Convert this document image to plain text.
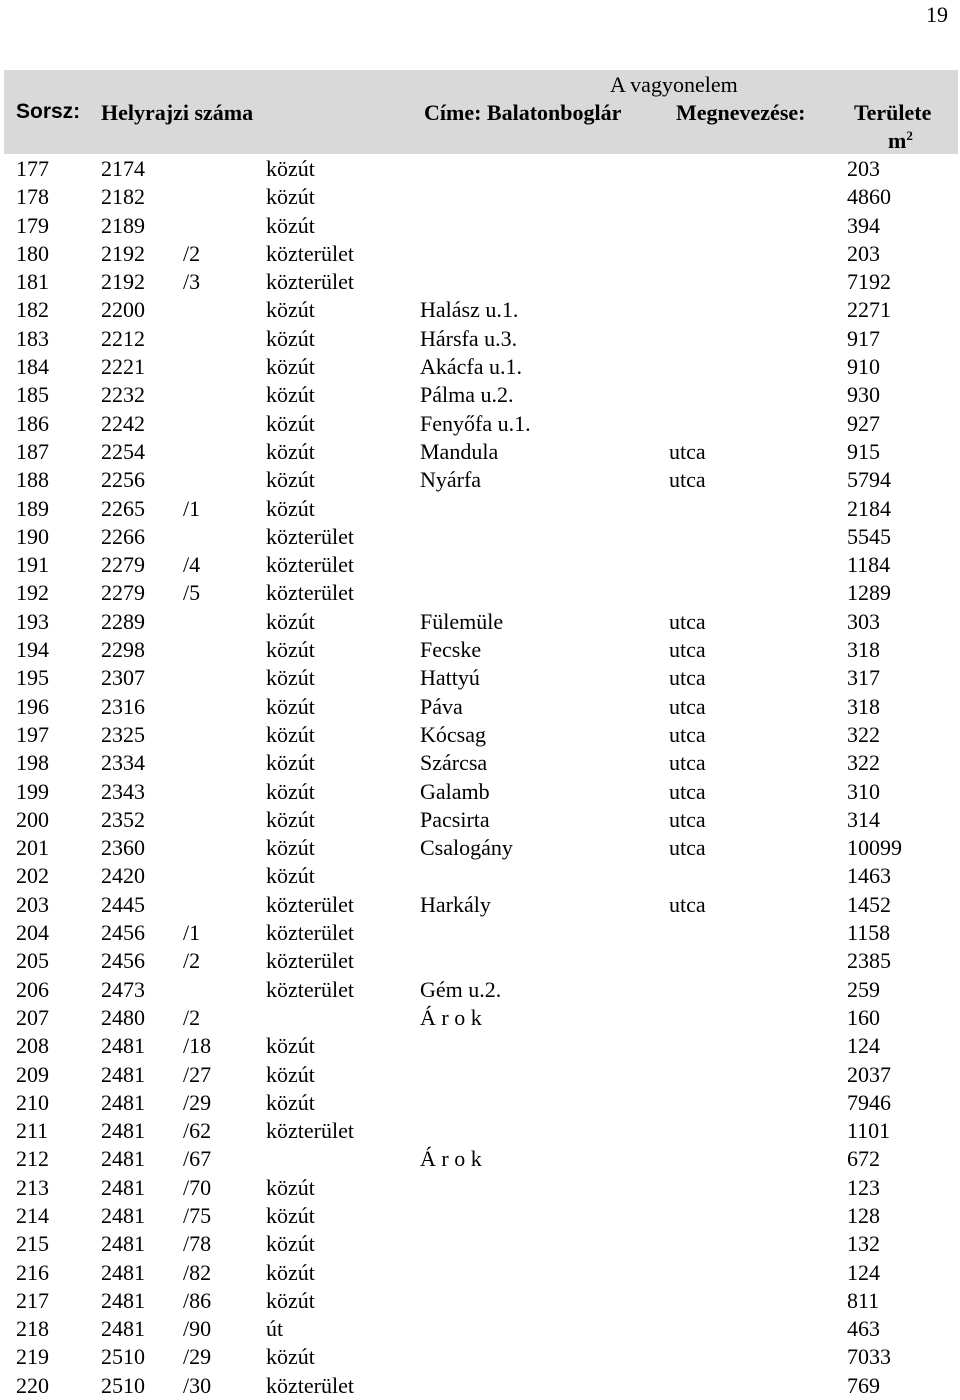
19
Sorsz: Helyrajzi száma
A vagyonelem
Címe: Balatonboglár Megnevezése: Területe
$m^2$
177 2174	közút	203
178 2182	közút	4860
179 2189	közút	394
180 2192 /2	közterület	203
181 2192 /3	közterület	7192
182 2200	közút	Halász u.1.	2271
183 2212	közút	Hársfa u.3.	917
184 2221	közút	Akácfa u.1.	910
185 2232	közút	Pálma u.2.	930
186 2242	közút	Fenyőfa u.1.	927
187 2254	közút	Mandula	utca	915
188 2256	közút	Nyárfa	utca	5794
189 2265 /1	közút	2184
190 2266	közterület	5545
191 2279 /4	közterület	1184
192 2279 /5	közterület	1289
193 2289	közút	Fülemüle	utca	303
194 2298	közút	Fecske	utca	318
195 2307	közút	Hattyú	utca	317
196 2316	közút	Páva	utca	318
197 2325	közút	Kócsag	utca	322
198 2334	közút	Szárcsa	utca	322
199 2343	közút	Galamb	utca	310
200 2352	közút	Pacsirta	utca	314
201 2360	közút	Csalogány	utca	10099
202 2420	közút	1463
203 2445	közterület	Harkály	utca	1452
204 2456 /1	közterület	1158
205 2456 /2	közterület	2385
206 2473	közterület	Gém u.2.	259
207 2480 /2	Á r o k	160
208 2481 /18 közút	124
209 2481 /27 közút	2037
210 2481 /29 közút	7946
211 2481 /62 közterület	1101
212 2481 /67	Á r o k	672
213 2481 /70 közút	123
214 2481 /75 közút	128
215 2481 /78 közút	132
216 2481 /82 közút	124
217 2481 /86 közút	811
218 2481 /90 út	463
219 2510 /29 közút	7033
220 2510 /30 közterület	769
